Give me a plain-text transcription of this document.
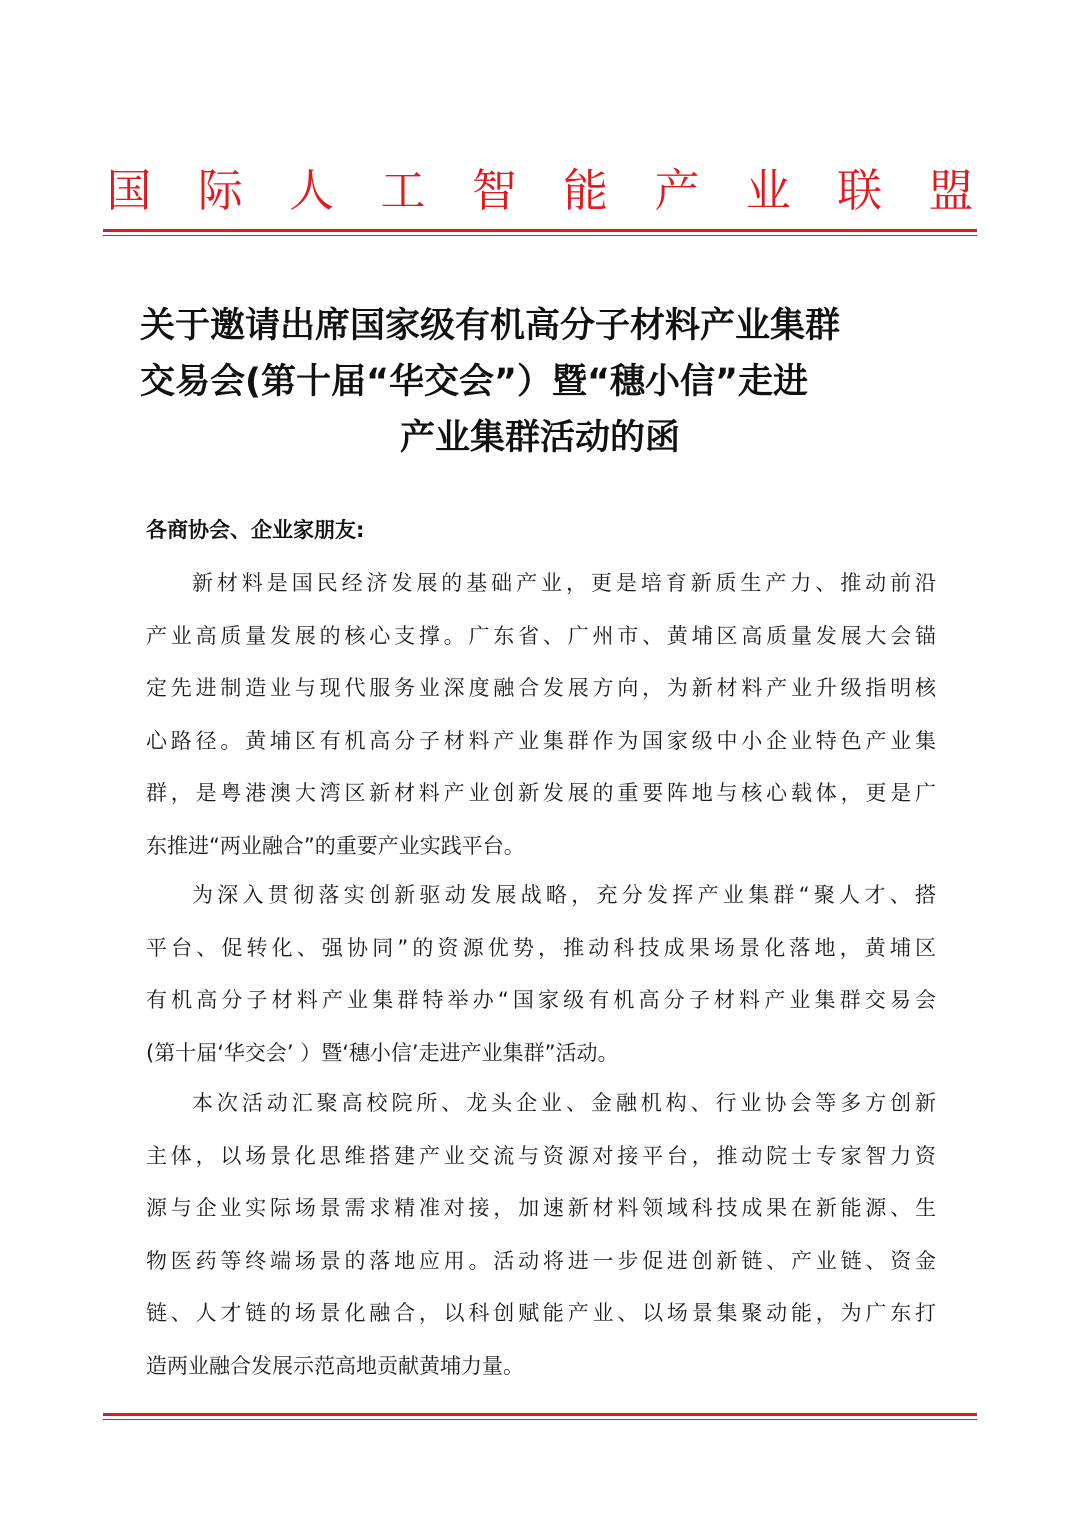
国 际 人 工 智 能 产 业 联 盟
关于邀请出席国家级有机高分子材料产业集群
交易会(第十届“华交会”）暨“穗小信”走进
产业集群活动的函
各商协会、企业家朋友:
新材料是国民经济发展的基础产业，更是培育新质生产力、推动前沿
产业高质量发展的核心支撑。广东省、广州市、黄埔区高质量发展大会锚
定先进制造业与现代服务业深度融合发展方向，为新材料产业升级指明核
心路径。黄埔区有机高分子材料产业集群作为国家级中小企业特色产业集
群，是粤港澳大湾区新材料产业创新发展的重要阵地与核心载体，更是广
东推进“两业融合”的重要产业实践平台。
为深入贯彻落实创新驱动发展战略，充分发挥产业集群“聚人才、搭
平台、促转化、强协同”的资源优势，推动科技成果场景化落地，黄埔区
有机高分子材料产业集群特举办“国家级有机高分子材料产业集群交易会
(第十届‘华交会’ ）暨‘穗小信’走进产业集群”活动。
本次活动汇聚高校院所、龙头企业、金融机构、行业协会等多方创新
主体，以场景化思维搭建产业交流与资源对接平台，推动院士专家智力资
源与企业实际场景需求精准对接，加速新材料领域科技成果在新能源、生
物医药等终端场景的落地应用。活动将进一步促进创新链、产业链、资金
链、人才链的场景化融合，以科创赋能产业、以场景集聚动能，为广东打
造两业融合发展示范高地贡献黄埔力量。
